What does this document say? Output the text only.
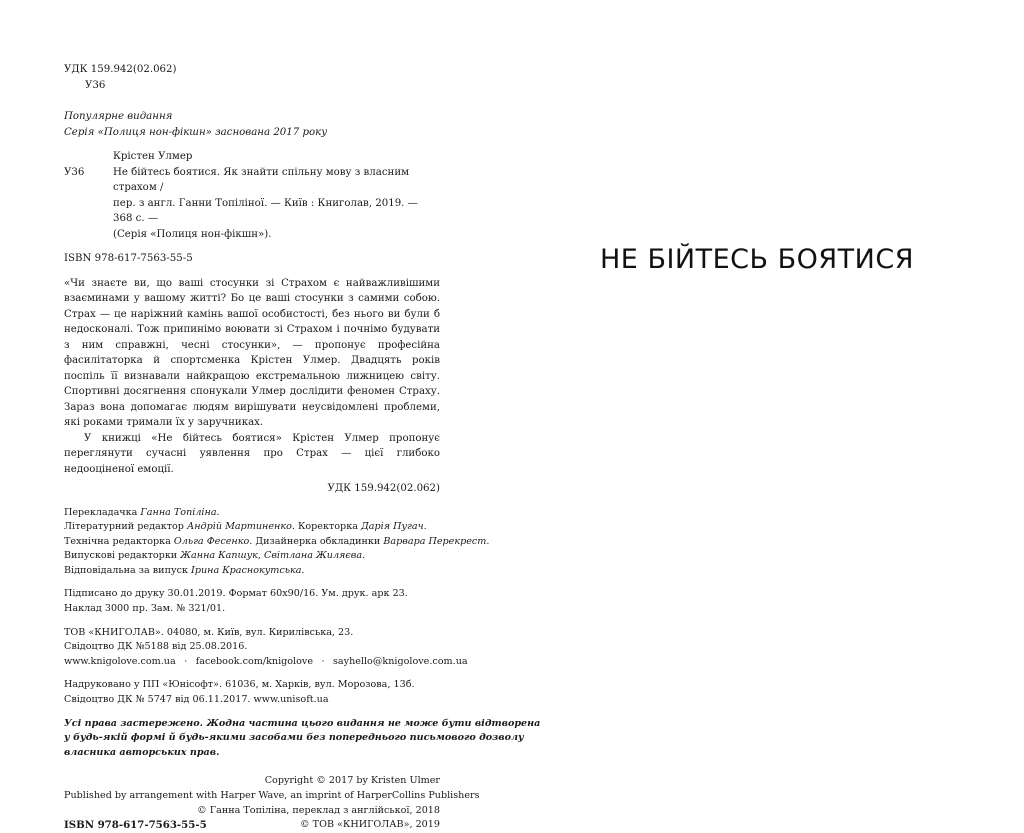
УДК 159.942(02.062)
У36
Популярне видання
Серія «Полиця нон-фікшн» заснована 2017 року
Крістен Улмер
У36	Не бійтесь боятися. Як знайти спільну мову з власним страхом /
пер. з англ. Ганни Топіліної. — Київ : Книголав, 2019. — 368 с. —
(Серія «Полиця нон-фікшн»).
ISBN 978-617-7563-55-5

«Чи знаєте ви, що ваші стосунки зі Страхом є найважливішими взаєминами у вашому житті? Бо це ваші стосунки з самими собою. Страх — це наріжний камінь вашої особистості, без нього ви були б недосконалі. Тож припинімо воювати зі Страхом і почнімо будувати з ним справжні, чесні стосунки», — пропонує професійна фасилітаторка й спортсменка Крістен Улмер. Двадцять років поспіль її визнавали найкращою екстремальною лижницею світу. Спортивні досягнення спонукали Улмер дослідити феномен Страху. Зараз вона допомагає людям вирішувати неусвідомлені проблеми, які роками тримали їх у заручниках.

У книжці «Не бійтесь боятися» Крістен Улмер пропонує переглянути сучасні уявлення про Страх — цієї глибоко недооціненої емоції.

УДК 159.942(02.062)
Перекладачка Ганна Топіліна.
Літературний редактор Андрій Мартиненко. Коректорка Дарія Пугач.
Технічна редакторка Ольга Фесенко. Дизайнерка обкладинки Варвара Перекрест.
Випускові редакторки Жанна Капшук, Світлана Жиляєва.
Відповідальна за випуск Ірина Краснокутська.
Підписано до друку 30.01.2019. Формат 60х90/16. Ум. друк. арк 23.
Наклад 3000 пр. Зам. № 321/01.
ТОВ «КНИГОЛАВ». 04080, м. Київ, вул. Кирилівська, 23.
Свідоцтво ДК №5188 від 25.08.2016.
www.knigolove.com.ua · facebook.com/knigolove · sayhello@knigolove.com.ua
Надруковано у ПП «Юнісофт». 61036, м. Харків, вул. Морозова, 13б.
Свідоцтво ДК № 5747 від 06.11.2017. www.unisoft.ua
Усі права застережено. Жодна частина цього видання не може бути відтворена
у будь-якій формі й будь-якими засобами без попереднього письмового дозволу
власника авторських прав.
Copyright © 2017 by Kristen Ulmer
Published by arrangement with Harper Wave, an imprint of HarperCollins Publishers
© Ганна Топіліна, переклад з англійської, 2018
ISBN 978-617-7563-55-5	© ТОВ «КНИГОЛАВ», 2019
НЕ БІЙТЕСЬ БОЯТИСЯ
